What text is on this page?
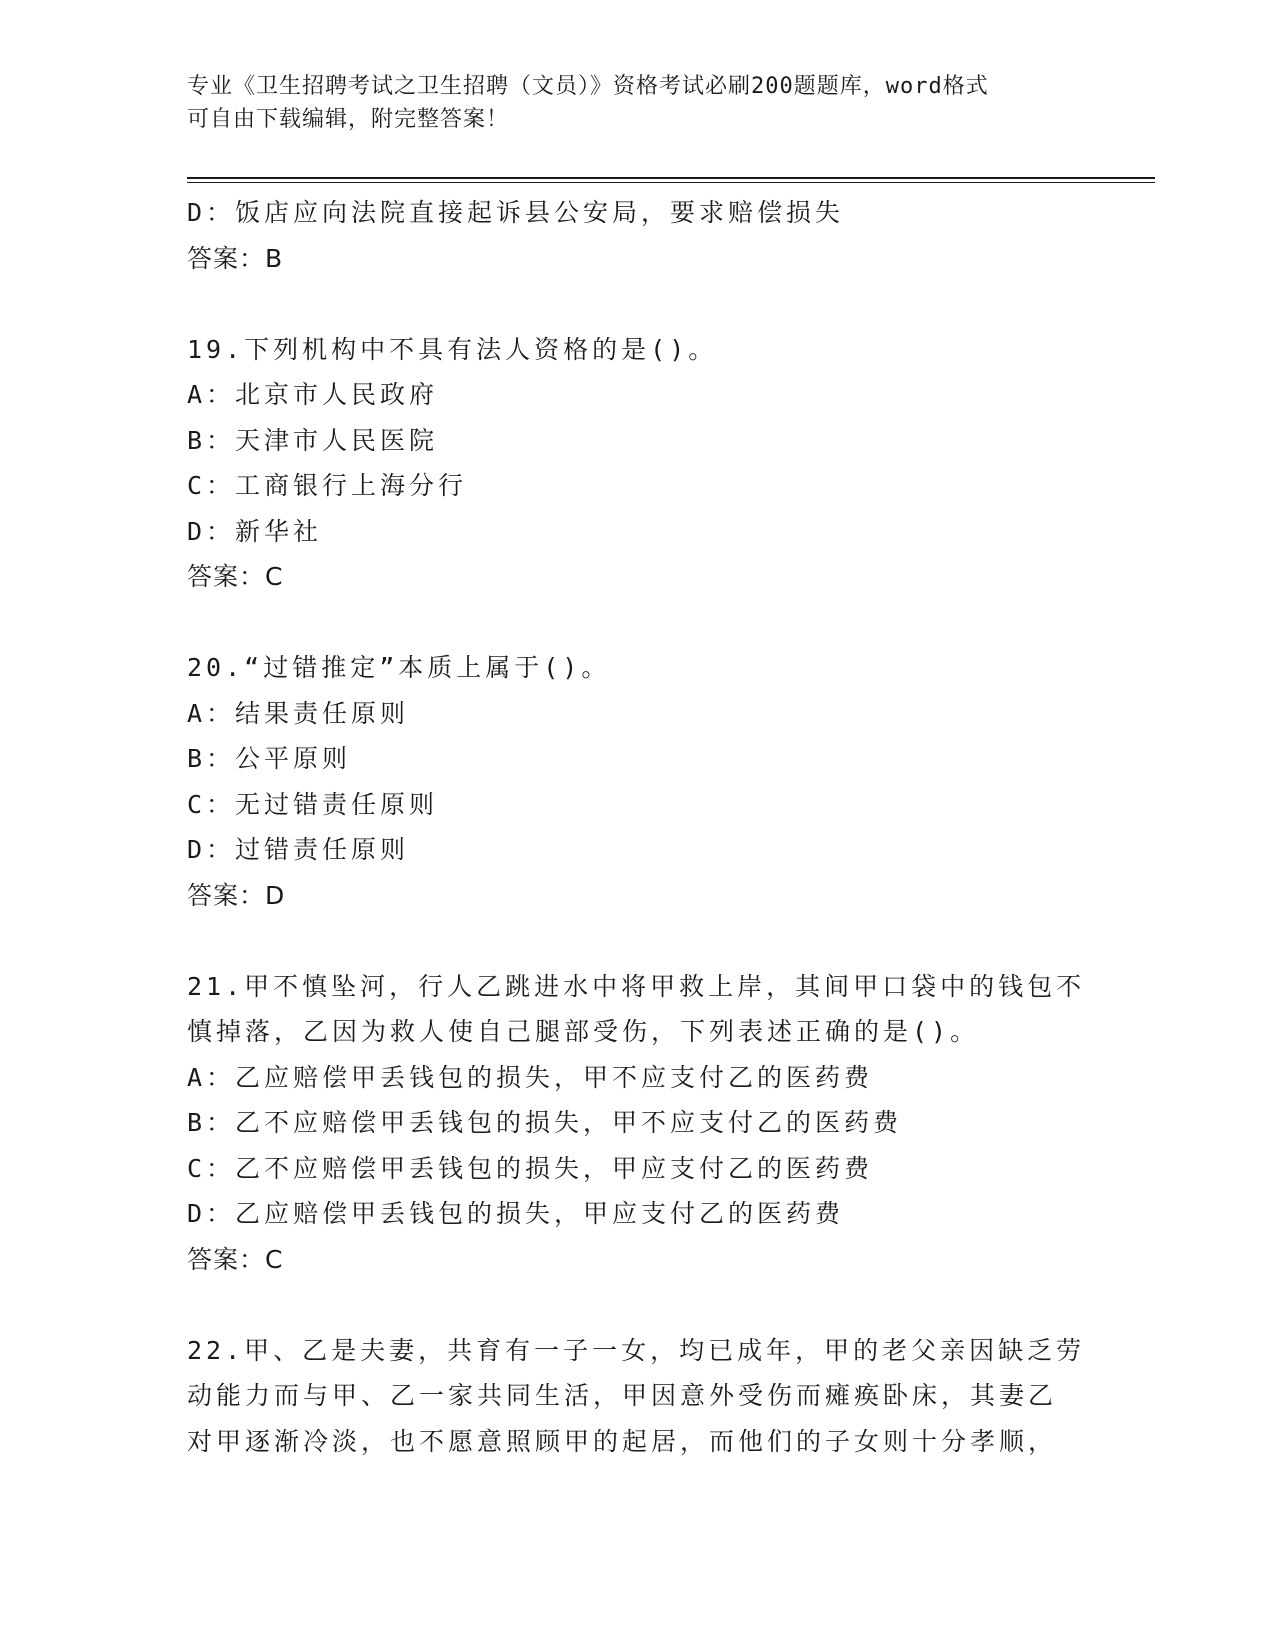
专业《卫生招聘考试之卫生招聘（文员）》资格考试必刷200题题库，word格式
可自由下载编辑，附完整答案！
D：饭店应向法院直接起诉县公安局，要求赔偿损失
答案：B
19.下列机构中不具有法人资格的是()。
A：北京市人民政府
B：天津市人民医院
C：工商银行上海分行
D：新华社
答案：C
20.“过错推定”本质上属于()。
A：结果责任原则
B：公平原则
C：无过错责任原则
D：过错责任原则
答案：D
21.甲不慎坠河，行人乙跳进水中将甲救上岸，其间甲口袋中的钱包不
慎掉落，乙因为救人使自己腿部受伤，下列表述正确的是()。
A：乙应赔偿甲丢钱包的损失，甲不应支付乙的医药费
B：乙不应赔偿甲丢钱包的损失，甲不应支付乙的医药费
C：乙不应赔偿甲丢钱包的损失，甲应支付乙的医药费
D：乙应赔偿甲丢钱包的损失，甲应支付乙的医药费
答案：C
22.甲、乙是夫妻，共育有一子一女，均已成年，甲的老父亲因缺乏劳
动能力而与甲、乙一家共同生活，甲因意外受伤而瘫痪卧床，其妻乙
对甲逐渐冷淡，也不愿意照顾甲的起居，而他们的子女则十分孝顺，
